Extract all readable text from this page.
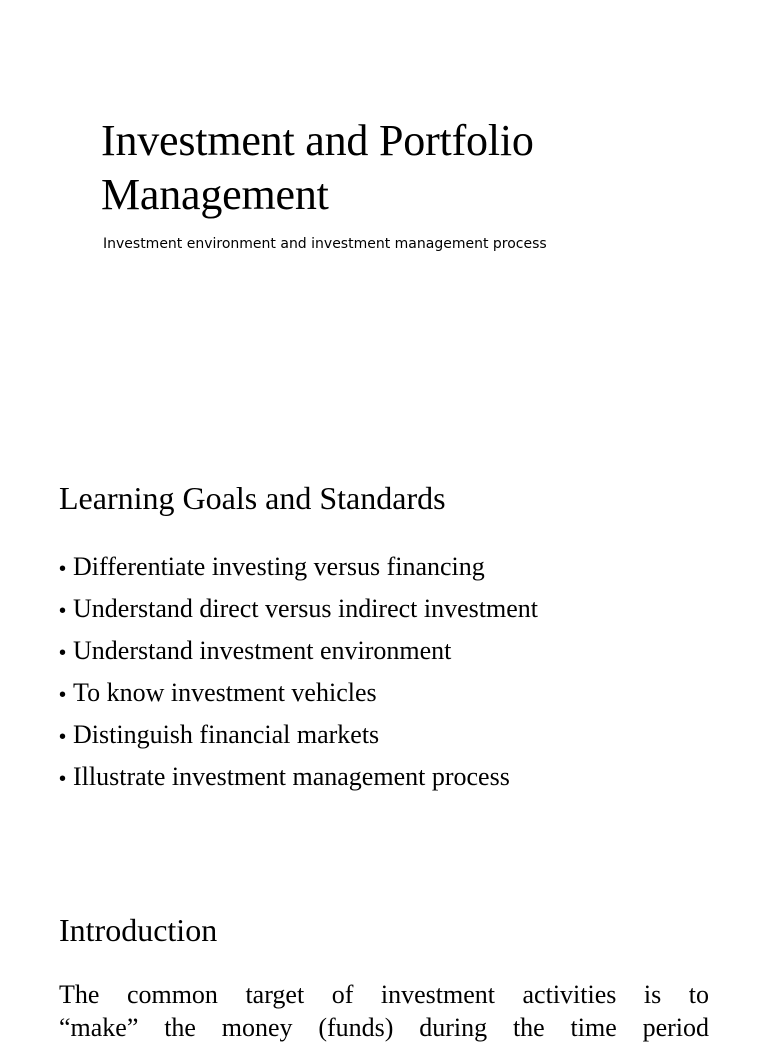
Investment and Portfolio
Management
Investment environment and investment management process
Learning Goals and Standards
• Differentiate investing versus financing
• Understand direct versus indirect investment
• Understand investment environment
• To know investment vehicles
• Distinguish financial markets
• Illustrate investment management process
Introduction

The common target of investment activities is to
“make” the money (funds) during the time period
